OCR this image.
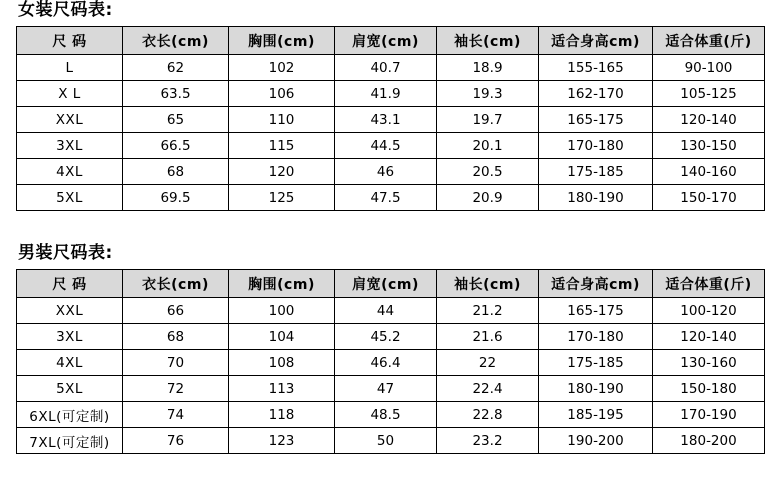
女装尺码表:
尺 码	衣长(cm)	胸围(cm)	肩宽(cm)	袖长(cm)	适合身高cm)	适合体重(斤)
L	62	102	40.7	18.9	155-165	90-100
X L	63.5	106	41.9	19.3	162-170	105-125
XXL	65	110	43.1	19.7	165-175	120-140
3XL	66.5	115	44.5	20.1	170-180	130-150
4XL	68	120	46	20.5	175-185	140-160
5XL	69.5	125	47.5	20.9	180-190	150-170
男装尺码表:
尺 码	衣长(cm)	胸围(cm)	肩宽(cm)	袖长(cm)	适合身高cm)	适合体重(斤)
XXL	66	100	44	21.2	165-175	100-120
3XL	68	104	45.2	21.6	170-180	120-140
4XL	70	108	46.4	22	175-185	130-160
5XL	72	113	47	22.4	180-190	150-180
6XL(可定制)	74	118	48.5	22.8	185-195	170-190
7XL(可定制)	76	123	50	23.2	190-200	180-200
